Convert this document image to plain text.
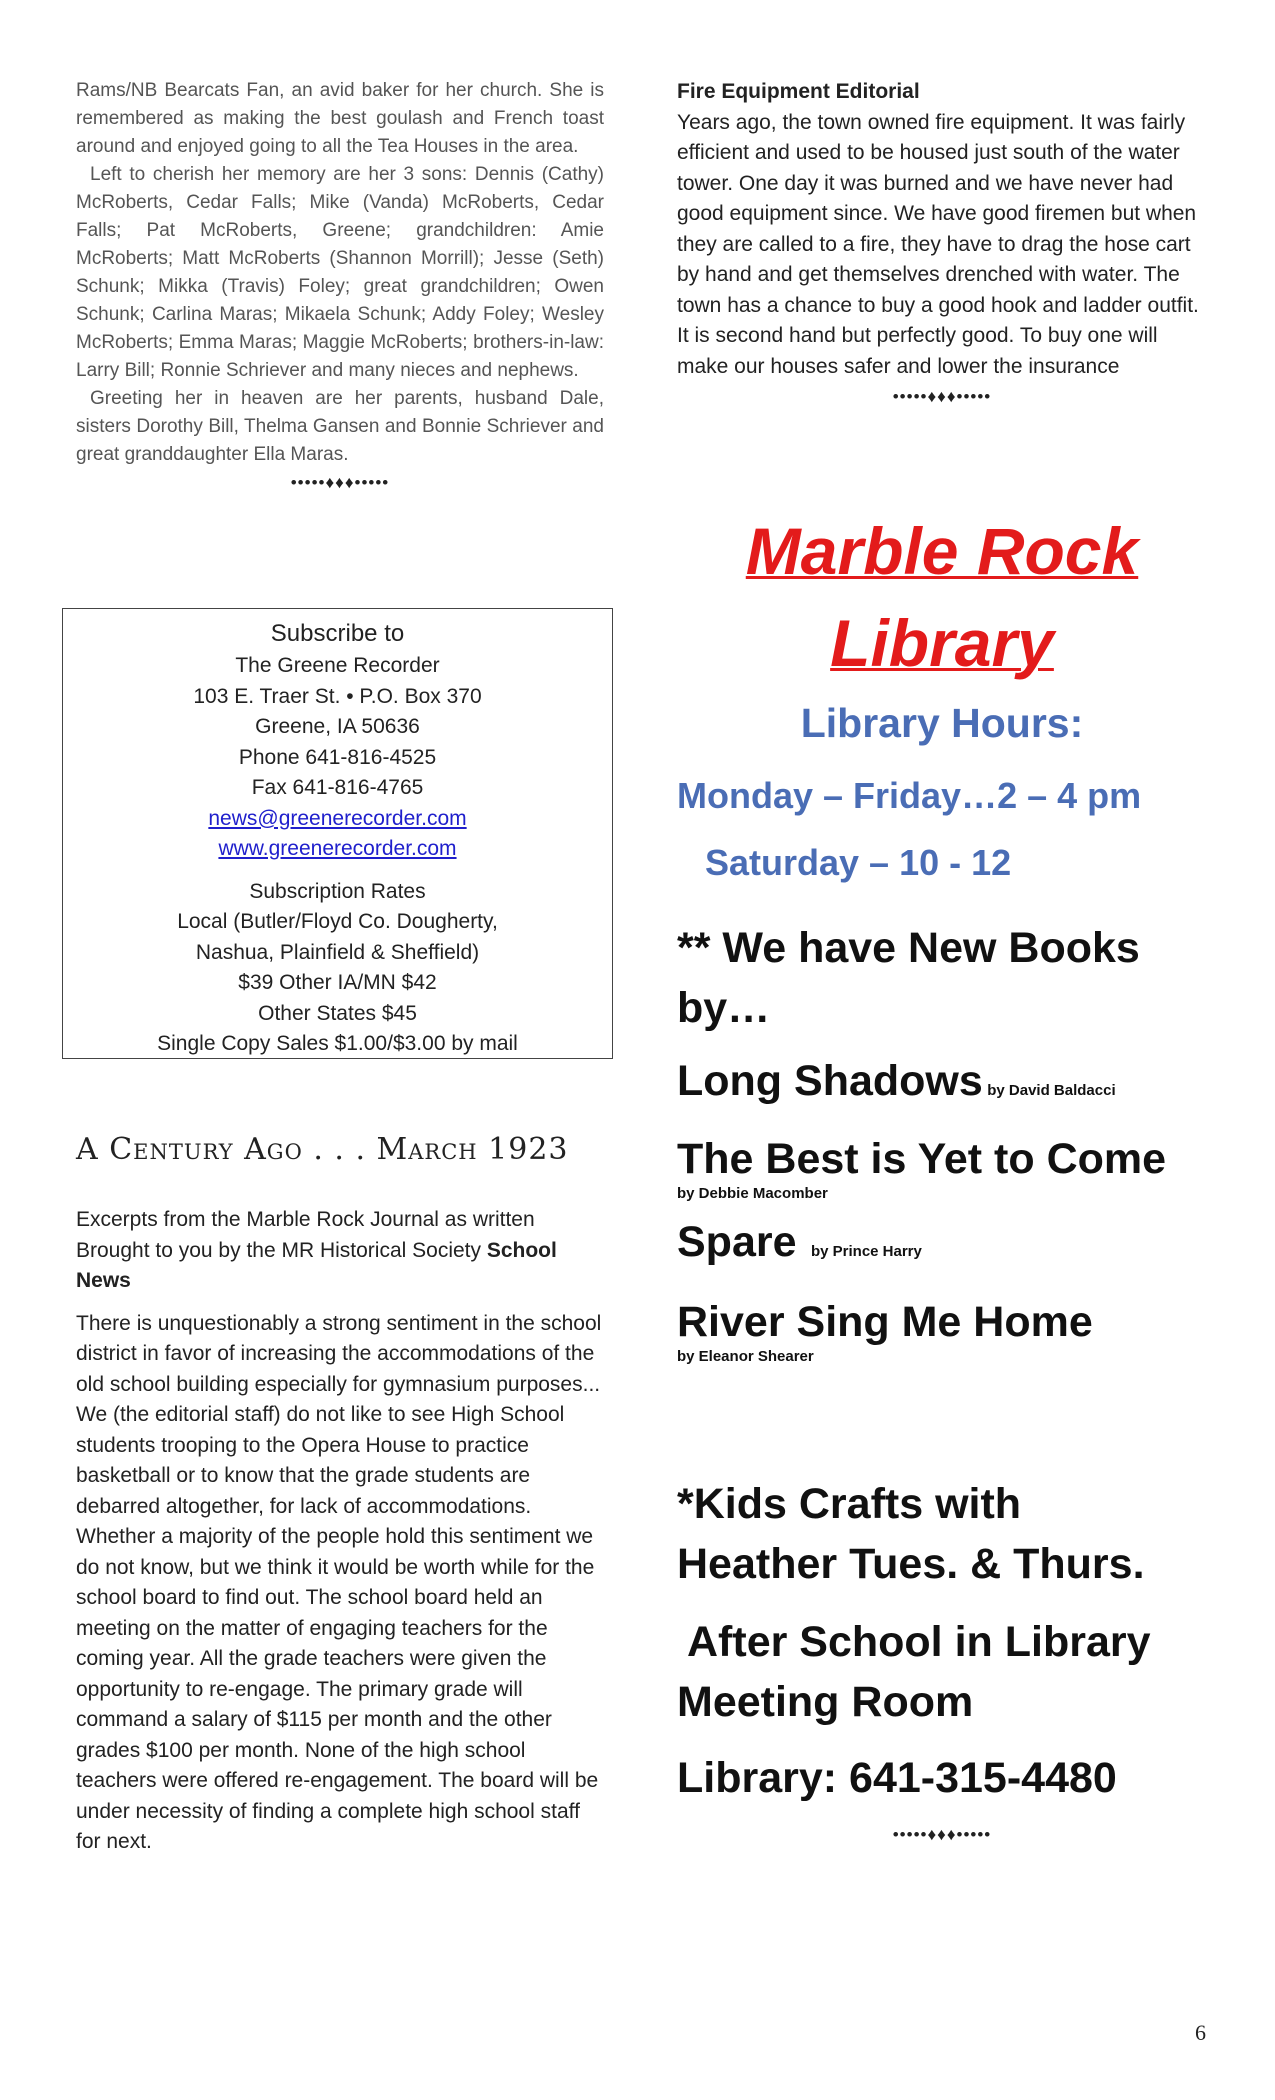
Rams/NB Bearcats Fan, an avid baker for her church. She is remembered as making the best goulash and French toast around and enjoyed going to all the Tea Houses in the area.

Left to cherish her memory are her 3 sons: Dennis (Cathy) McRoberts, Cedar Falls; Mike (Vanda) McRoberts, Cedar Falls; Pat McRoberts, Greene; grandchildren: Amie McRoberts; Matt McRoberts (Shannon Morrill); Jesse (Seth) Schunk; Mikka (Travis) Foley; great grandchildren; Owen Schunk; Carlina Maras; Mikaela Schunk; Addy Foley; Wesley McRoberts; Emma Maras; Maggie McRoberts; brothers-in-law: Larry Bill; Ronnie Schriever and many nieces and nephews.

Greeting her in heaven are her parents, husband Dale, sisters Dorothy Bill, Thelma Gansen and Bonnie Schriever and great granddaughter Ella Maras.

•••••♦♦♦•••••
Subscribe to
The Greene Recorder
103 E. Traer St. • P.O. Box 370
Greene, IA 50636
Phone 641-816-4525
Fax 641-816-4765
news@greenerecorder.com
www.greenerecorder.com
Subscription Rates
Local (Butler/Floyd Co. Dougherty,
Nashua, Plainfield & Sheffield)
$39 Other IA/MN $42
Other States $45
Single Copy Sales $1.00/$3.00 by mail
A Century Ago . . . March 1923

Excerpts from the Marble Rock Journal as written Brought to you by the MR Historical Society School News

There is unquestionably a strong sentiment in the school district in favor of increasing the accommodations of the old school building especially for gymnasium purposes... We (the editorial staff) do not like to see High School students trooping to the Opera House to practice basketball or to know that the grade students are debarred altogether, for lack of accommodations. Whether a majority of the people hold this sentiment we do not know, but we think it would be worth while for the school board to find out. The school board held an meeting on the matter of engaging teachers for the coming year. All the grade teachers were given the opportunity to re-engage. The primary grade will command a salary of $115 per month and the other grades $100 per month. None of the high school teachers were offered re-engagement. The board will be under necessity of finding a complete high school staff for next.

Fire Equipment Editorial
Years ago, the town owned fire equipment. It was fairly efficient and used to be housed just south of the water tower. One day it was burned and we have never had good equipment since. We have good firemen but when they are called to a fire, they have to drag the hose cart by hand and get themselves drenched with water. The town has a chance to buy a good hook and ladder outfit. It is second hand but perfectly good. To buy one will make our houses safer and lower the insurance
•••••♦♦♦•••••
Marble Rock
Library
Library Hours:
Monday – Friday…2 – 4 pm
Saturday – 10 - 12
** We have New Books
by…
Long Shadows by David Baldacci
The Best is Yet to Come
by Debbie Macomber
Spare by Prince Harry
River Sing Me Home
by Eleanor Shearer
*Kids Crafts with
Heather Tues. & Thurs.
After School in Library
Meeting Room
Library: 641-315-4480
•••••♦♦♦•••••
6
